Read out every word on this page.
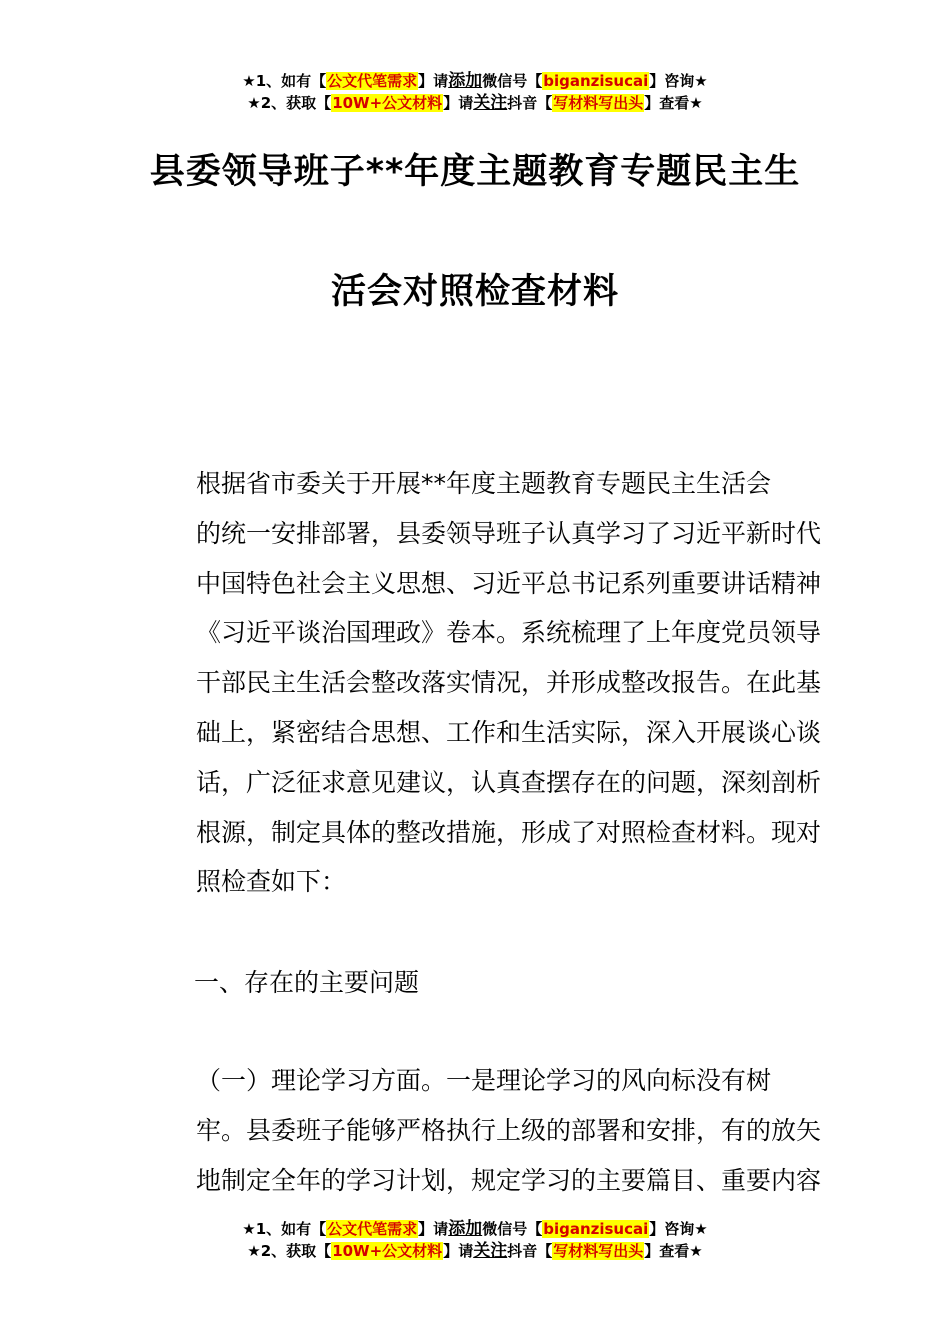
★1、如有【公文代笔需求】请添加微信号【biganzisucai】咨询★
★2、获取【10W+公文材料】请关注抖音【写材料写出头】查看★
县委领导班子**年度主题教育专题民主生
活会对照检查材料
根据省市委关于开展**年度主题教育专题民主生活会
的统一安排部署，县委领导班子认真学习了习近平新时代
中国特色社会主义思想、习近平总书记系列重要讲话精神
《习近平谈治国理政》卷本。系统梳理了上年度党员领导
干部民主生活会整改落实情况，并形成整改报告。在此基
础上，紧密结合思想、工作和生活实际，深入开展谈心谈
话，广泛征求意见建议，认真查摆存在的问题，深刻剖析
根源，制定具体的整改措施，形成了对照检查材料。现对
照检查如下：
一、存在的主要问题
（一）理论学习方面。一是理论学习的风向标没有树
牢。县委班子能够严格执行上级的部署和安排，有的放矢
地制定全年的学习计划，规定学习的主要篇目、重要内容
★1、如有【公文代笔需求】请添加微信号【biganzisucai】咨询★
★2、获取【10W+公文材料】请关注抖音【写材料写出头】查看★
